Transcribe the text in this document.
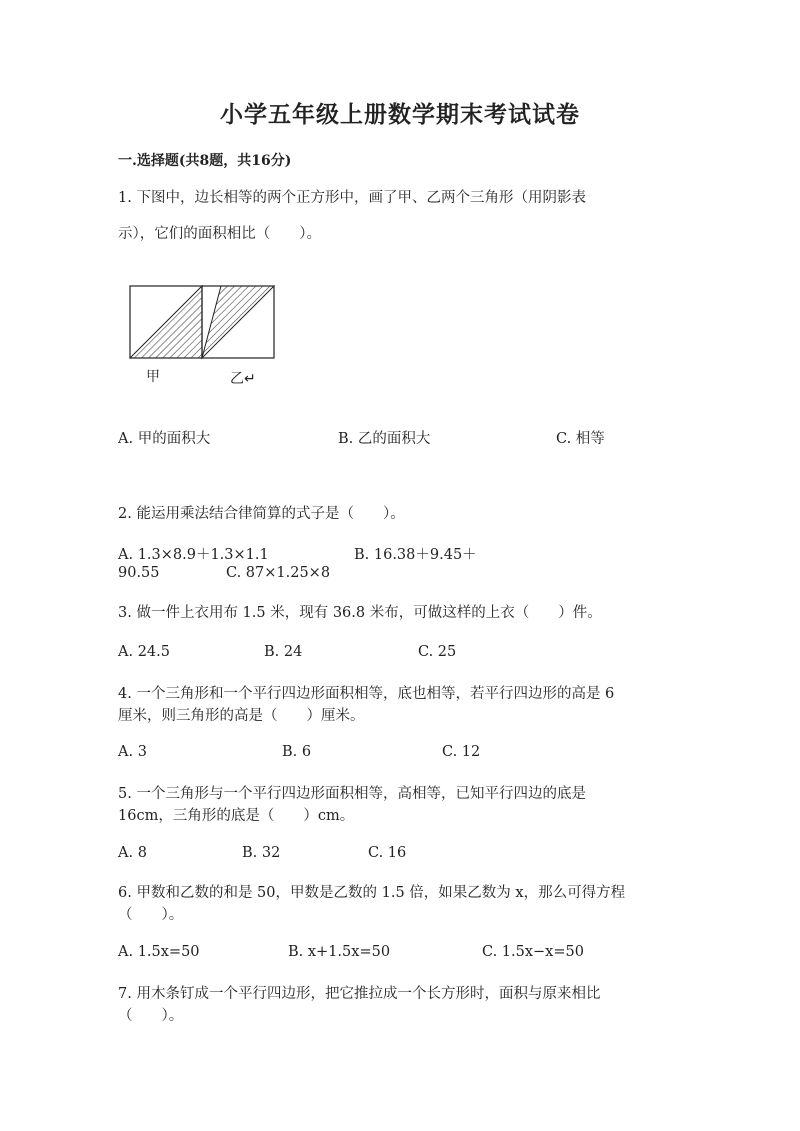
小学五年级上册数学期末考试试卷
一.选择题(共8题，共16分)
1. 下图中，边长相等的两个正方形中，画了甲、乙两个三角形（用阴影表
示），它们的面积相比（　　）。
甲	乙↵
A. 甲的面积大	B. 乙的面积大	C. 相等
2. 能运用乘法结合律简算的式子是（　　）。
A. 1.3×8.9＋1.3×1.1	B. 16.38＋9.45＋
90.55	C. 87×1.25×8
3. 做一件上衣用布 1.5 米，现有 36.8 米布，可做这样的上衣（　　）件。
A. 24.5	B. 24	C. 25
4. 一个三角形和一个平行四边形面积相等，底也相等，若平行四边形的高是 6
厘米，则三角形的高是（　　）厘米。
A. 3	B. 6	C. 12
5. 一个三角形与一个平行四边形面积相等，高相等，已知平行四边的底是
16cm，三角形的底是（　　）cm。
A. 8	B. 32	C. 16
6. 甲数和乙数的和是 50，甲数是乙数的 1.5 倍，如果乙数为 x，那么可得方程
（　　）。
A. 1.5x=50	B. x+1.5x=50	C. 1.5x−x=50
7. 用木条钉成一个平行四边形，把它推拉成一个长方形时，面积与原来相比
（　　）。
